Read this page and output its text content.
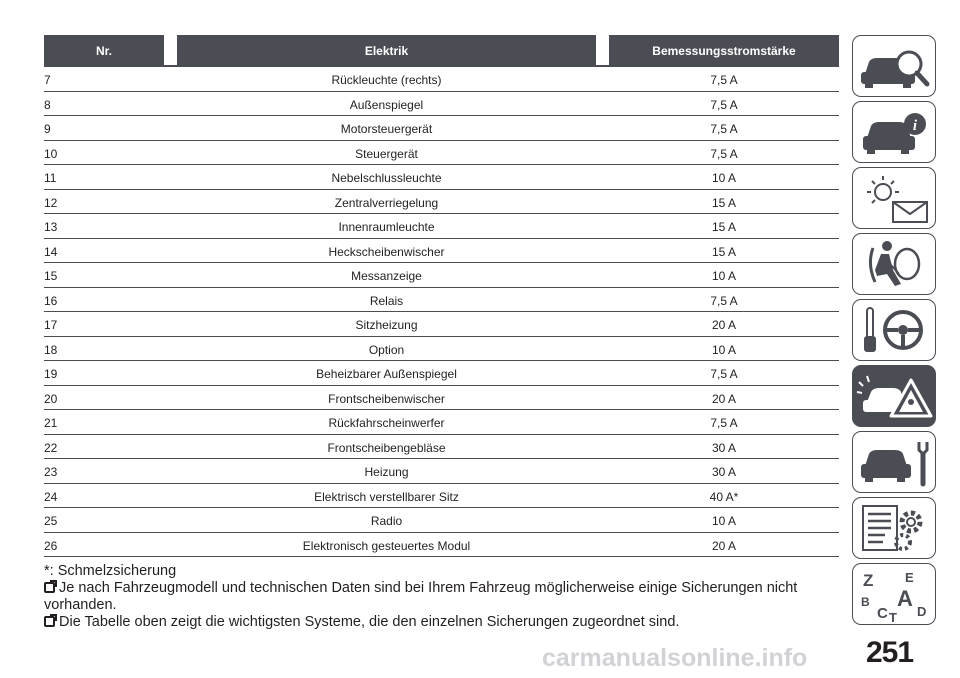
Nr.	Elektrik	Bemessungsstromstärke
7	Rückleuchte (rechts)	7,5 A
8	Außenspiegel	7,5 A
9	Motorsteuergerät	7,5 A
10	Steuergerät	7,5 A
11	Nebelschlussleuchte	10 A
12	Zentralverriegelung	15 A
13	Innenraumleuchte	15 A
14	Heckscheibenwischer	15 A
15	Messanzeige	10 A
16	Relais	7,5 A
17	Sitzheizung	20 A
18	Option	10 A
19	Beheizbarer Außenspiegel	7,5 A
20	Frontscheibenwischer	20 A
21	Rückfahrscheinwerfer	7,5 A
22	Frontscheibengebläse	30 A
23	Heizung	30 A
24	Elektrisch verstellbarer Sitz	40 A*
25	Radio	10 A
26	Elektronisch gesteuertes Modul	20 A

*: Schmelzsicherung

Je nach Fahrzeugmodell und technischen Daten sind bei Ihrem Fahrzeug möglicherweise einige Sicherungen nicht vorhanden.

Die Tabelle oben zeigt die wichtigsten Systeme, die den einzelnen Sicherungen zugeordnet sind.

i
Z E
B A
C T D
carmanualsonline.info 251
